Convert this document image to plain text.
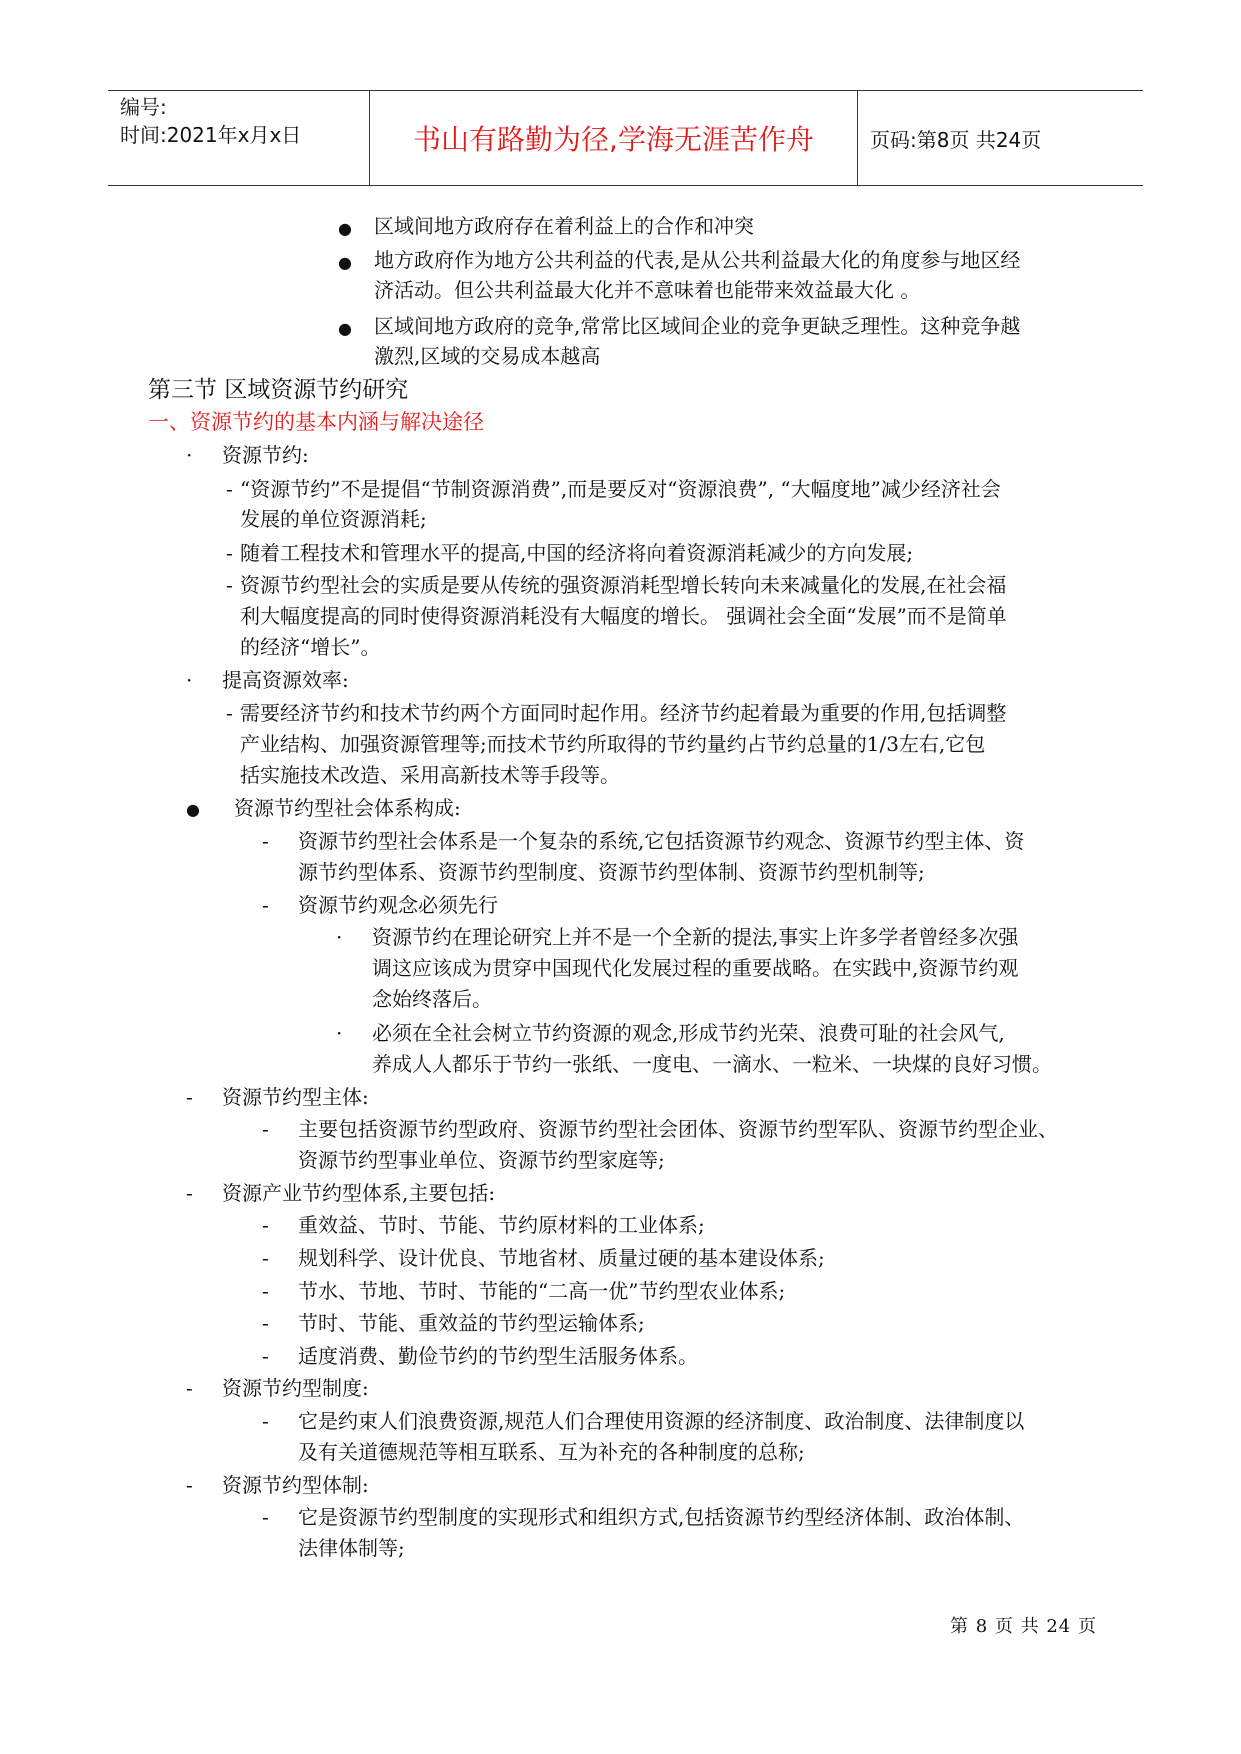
编号:
时间:2021年x月x日	书山有路勤为径,学海无涯苦作舟	页码:第8页 共24页
● 区域间地方政府存在着利益上的合作和冲突
● 地方政府作为地方公共利益的代表,是从公共利益最大化的角度参与地区经
济活动。但公共利益最大化并不意味着也能带来效益最大化 。
● 区域间地方政府的竞争,常常比区域间企业的竞争更缺乏理性。这种竞争越
激烈,区域的交易成本越高
第三节 区域资源节约研究
一、资源节约的基本内涵与解决途径
· 资源节约:
- “资源节约”不是提倡“节制资源消费”,而是要反对“资源浪费”, “大幅度地”减少经济社会
发展的单位资源消耗;
- 随着工程技术和管理水平的提高,中国的经济将向着资源消耗减少的方向发展;
- 资源节约型社会的实质是要从传统的强资源消耗型增长转向未来减量化的发展,在社会福
利大幅度提高的同时使得资源消耗没有大幅度的增长。 强调社会全面“发展”而不是简单
的经济“增长”。
· 提高资源效率:
- 需要经济节约和技术节约两个方面同时起作用。经济节约起着最为重要的作用,包括调整
产业结构、加强资源管理等;而技术节约所取得的节约量约占节约总量的1/3左右,它包
括实施技术改造、采用高新技术等手段等。
● 资源节约型社会体系构成:
- 资源节约型社会体系是一个复杂的系统,它包括资源节约观念、资源节约型主体、资
源节约型体系、资源节约型制度、资源节约型体制、资源节约型机制等;
- 资源节约观念必须先行
· 资源节约在理论研究上并不是一个全新的提法,事实上许多学者曾经多次强
调这应该成为贯穿中国现代化发展过程的重要战略。在实践中,资源节约观
念始终落后。
· 必须在全社会树立节约资源的观念,形成节约光荣、浪费可耻的社会风气,
养成人人都乐于节约一张纸、一度电、一滴水、一粒米、一块煤的良好习惯。
- 资源节约型主体:
- 主要包括资源节约型政府、资源节约型社会团体、资源节约型军队、资源节约型企业、
资源节约型事业单位、资源节约型家庭等;
- 资源产业节约型体系,主要包括:
- 重效益、节时、节能、节约原材料的工业体系;
- 规划科学、设计优良、节地省材、质量过硬的基本建设体系;
- 节水、节地、节时、节能的“二高一优”节约型农业体系;
- 节时、节能、重效益的节约型运输体系;
- 适度消费、勤俭节约的节约型生活服务体系。
- 资源节约型制度:
- 它是约束人们浪费资源,规范人们合理使用资源的经济制度、政治制度、法律制度以
及有关道德规范等相互联系、互为补充的各种制度的总称;
- 资源节约型体制:
- 它是资源节约型制度的实现形式和组织方式,包括资源节约型经济体制、政治体制、
法律体制等;
第 8 页 共 24 页
